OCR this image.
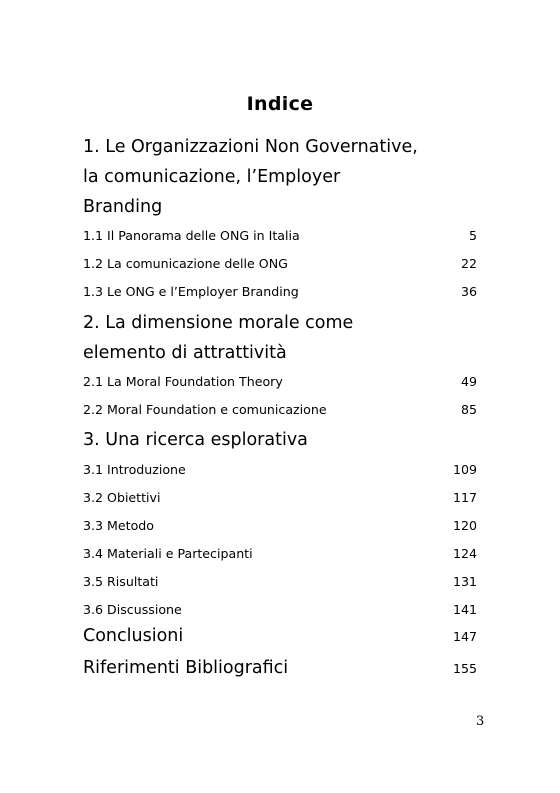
Indice
1. Le Organizzazioni Non Governative,
la comunicazione, l’Employer
Branding
1.1 Il Panorama delle ONG in Italia	5
1.2 La comunicazione delle ONG	22
1.3 Le ONG e l’Employer Branding	36
2. La dimensione morale come
elemento di attrattività
2.1 La Moral Foundation Theory	49
2.2 Moral Foundation e comunicazione	85
3. Una ricerca esplorativa
3.1 Introduzione	109
3.2 Obiettivi	117
3.3 Metodo	120
3.4 Materiali e Partecipanti	124
3.5 Risultati	131
3.6 Discussione	141
Conclusioni	147
Riferimenti Bibliografici	155
3
